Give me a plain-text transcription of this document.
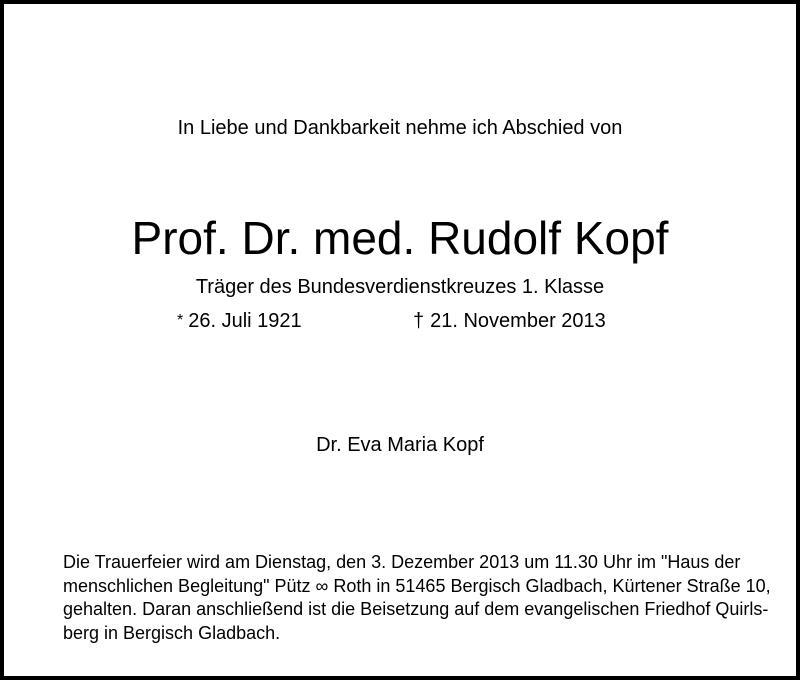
In Liebe und Dankbarkeit nehme ich Abschied von
Prof. Dr. med. Rudolf Kopf
Träger des Bundesverdienstkreuzes 1. Klasse
* 26. Juli 1921	† 21. November 2013
Dr. Eva Maria Kopf
Die Trauerfeier wird am Dienstag, den 3. Dezember 2013 um 11.30 Uhr im "Haus der
menschlichen Begleitung" Pütz ∞ Roth in 51465 Bergisch Gladbach, Kürtener Straße 10,
gehalten. Daran anschließend ist die Beisetzung auf dem evangelischen Friedhof Quirls-
berg in Bergisch Gladbach.
